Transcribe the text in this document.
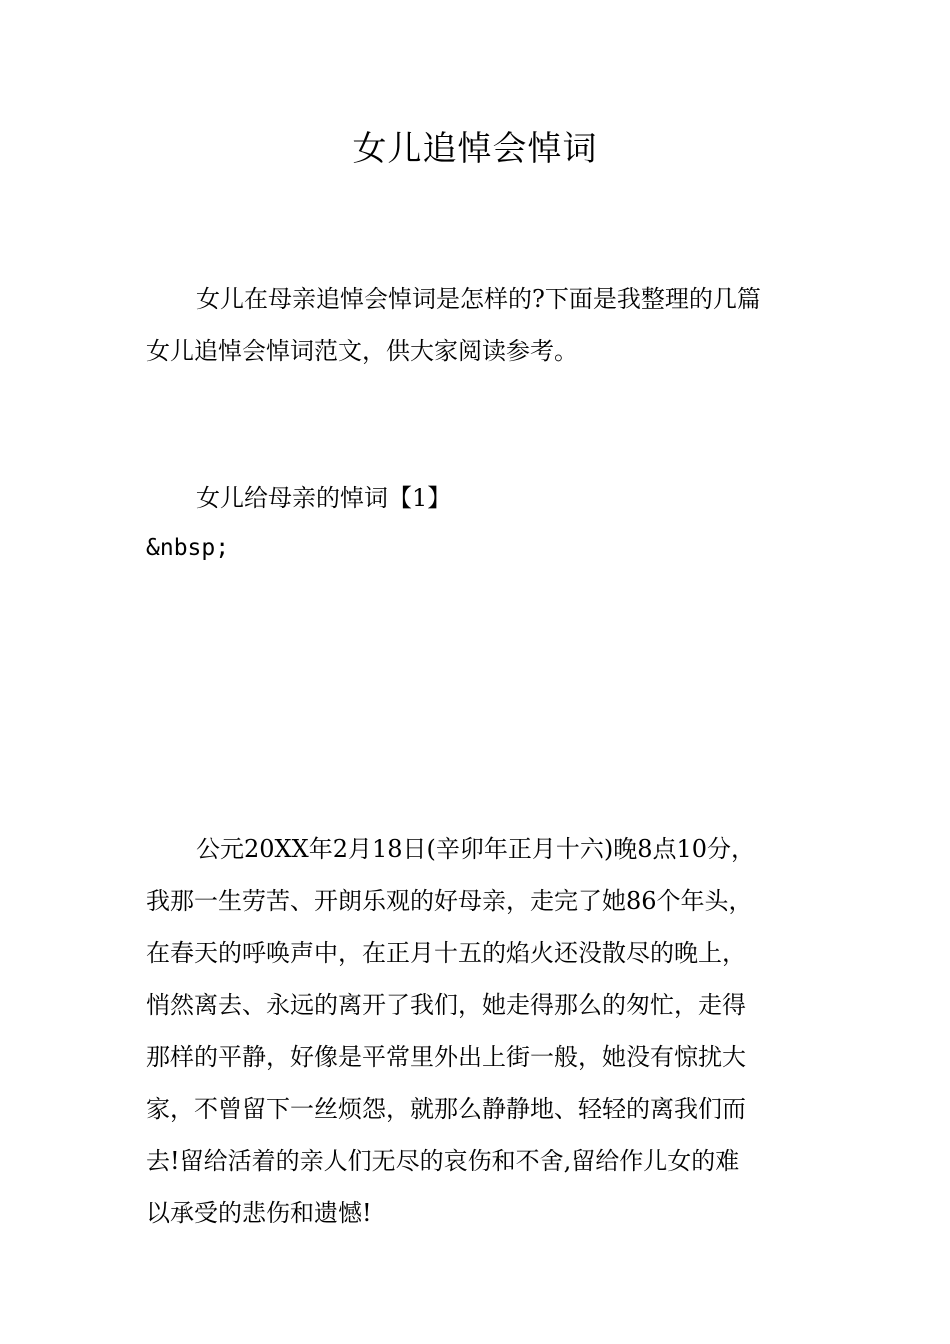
女儿追悼会悼词
女儿在母亲追悼会悼词是怎样的?下面是我整理的几篇
女儿追悼会悼词范文，供大家阅读参考。
女儿给母亲的悼词【1】
&nbsp;
公元20XX年2月18日(辛卯年正月十六)晚8点10分，
我那一生劳苦、开朗乐观的好母亲，走完了她86个年头，
在春天的呼唤声中，在正月十五的焰火还没散尽的晚上，
悄然离去、永远的离开了我们，她走得那么的匆忙，走得
那样的平静，好像是平常里外出上街一般，她没有惊扰大
家，不曾留下一丝烦怨，就那么静静地、轻轻的离我们而
去!留给活着的亲人们无尽的哀伤和不舍,留给作儿女的难
以承受的悲伤和遗憾!
